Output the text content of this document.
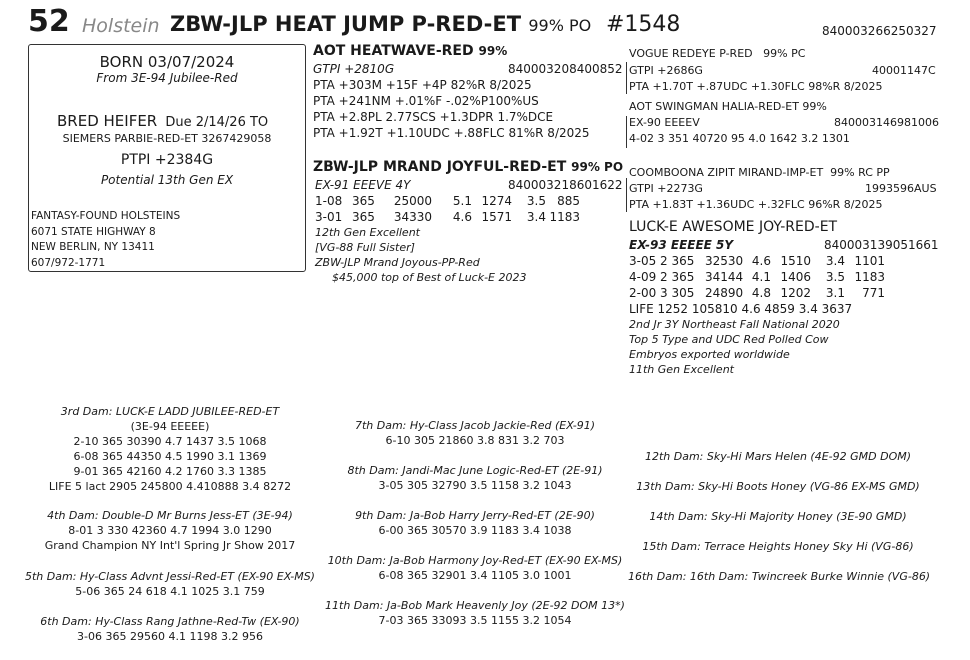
52 Holstein ZBW-JLP HEAT JUMP P-RED-ET 99% PO #1548	840003266250327
BORN 03/07/2024
From 3E-94 Jubilee-Red
BRED HEIFER Due 2/14/26 TO
SIEMERS PARBIE-RED-ET 3267429058
PTPI +2384G
Potential 13th Gen EX
FANTASY-FOUND HOLSTEINS
6071 STATE HIGHWAY 8
NEW BERLIN, NY 13411
607/972-1771
AOT HEATWAVE-RED 99%
GTPI +2810G	840003208400852
PTA +303M +15F +4P 82%R 8/2025
PTA +241NM +.01%F -.02%P100%US
PTA +2.8PL 2.77SCS +1.3DPR 1.7%DCE
PTA +1.92T +1.10UDC +.88FLC 81%R 8/2025
ZBW-JLP MRAND JOYFUL-RED-ET 99% PO
EX-91 EEEVE 4Y	840003218601622
1-08 365 25000 5.1 1274 3.5 885
3-01 365 34330 4.6 1571 3.4 1183
12th Gen Excellent
[VG-88 Full Sister]
ZBW-JLP Mrand Joyous-PP-Red
$45,000 top of Best of Luck-E 2023
VOGUE REDEYE P-RED 99% PC
GTPI +2686G	40001147C
PTA +1.70T +.87UDC +1.30FLC 98%R 8/2025
AOT SWINGMAN HALIA-RED-ET 99%
EX-90 EEEEV	840003146981006
4-02 3 351 40720 95 4.0 1642 3.2 1301
COOMBOONA ZIPIT MIRAND-IMP-ET 99% RC PP
GTPI +2273G	1993596AUS
PTA +1.83T +1.36UDC +.32FLC 96%R 8/2025
LUCK-E AWESOME JOY-RED-ET
EX-93 EEEEE 5Y	840003139051661
3-05 2 365 32530 4.6 1510 3.4 1101
4-09 2 365 34144 4.1 1406 3.5 1183
2-00 3 305 24890 4.8 1202 3.1 771
LIFE 1252 105810 4.6 4859 3.4 3637
2nd Jr 3Y Northeast Fall National 2020
Top 5 Type and UDC Red Polled Cow
Embryos exported worldwide
11th Gen Excellent
3rd Dam: LUCK-E LADD JUBILEE-RED-ET
(3E-94 EEEEE)
2-10 365 30390 4.7 1437 3.5 1068
6-08 365 44350 4.5 1990 3.1 1369
9-01 365 42160 4.2 1760 3.3 1385
LIFE 5 lact 2905 245800 4.410888 3.4 8272
4th Dam: Double-D Mr Burns Jess-ET (3E-94)
8-01 3 330 42360 4.7 1994 3.0 1290
Grand Champion NY Int'l Spring Jr Show 2017
5th Dam: Hy-Class Advnt Jessi-Red-ET (EX-90 EX-MS)
5-06 365 24 618 4.1 1025 3.1 759
6th Dam: Hy-Class Rang Jathne-Red-Tw (EX-90)
3-06 365 29560 4.1 1198 3.2 956
7th Dam: Hy-Class Jacob Jackie-Red (EX-91)
6-10 305 21860 3.8 831 3.2 703
8th Dam: Jandi-Mac June Logic-Red-ET (2E-91)
3-05 305 32790 3.5 1158 3.2 1043
9th Dam: Ja-Bob Harry Jerry-Red-ET (2E-90)
6-00 365 30570 3.9 1183 3.4 1038
10th Dam: Ja-Bob Harmony Joy-Red-ET (EX-90 EX-MS)
6-08 365 32901 3.4 1105 3.0 1001
11th Dam: Ja-Bob Mark Heavenly Joy (2E-92 DOM 13*)
7-03 365 33093 3.5 1155 3.2 1054
12th Dam: Sky-Hi Mars Helen (4E-92 GMD DOM)
13th Dam: Sky-Hi Boots Honey (VG-86 EX-MS GMD)
14th Dam: Sky-Hi Majority Honey (3E-90 GMD)
15th Dam: Terrace Heights Honey Sky Hi (VG-86)
16th Dam: 16th Dam: Twincreek Burke Winnie (VG-86)
